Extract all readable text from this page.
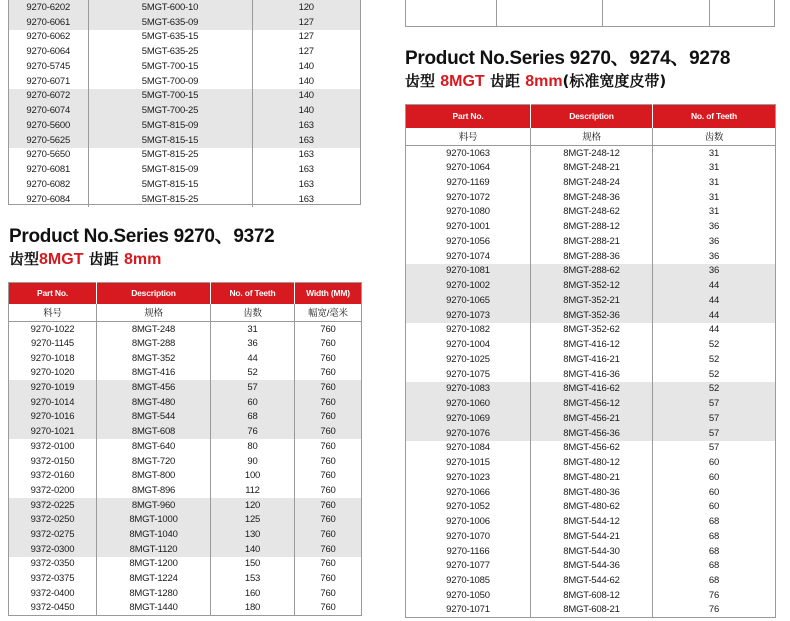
9270-6202	5MGT-600-10	120
9270-6061	5MGT-635-09	127
9270-6062	5MGT-635-15	127
9270-6064	5MGT-635-25	127
9270-5745	5MGT-700-15	140
9270-6071	5MGT-700-09	140
9270-6072	5MGT-700-15	140
9270-6074	5MGT-700-25	140
9270-5600	5MGT-815-09	163
9270-5625	5MGT-815-15	163
9270-5650	5MGT-815-25	163
9270-6081	5MGT-815-09	163
9270-6082	5MGT-815-15	163
9270-6084	5MGT-815-25	163
Product No.Series 9270、9274、9278
齿型 8MGT 齿距 8mm(标准宽度皮带)
Part No.	Description	No. of Teeth
料号	规格	齿数
9270-1063	8MGT-248-12	31
9270-1064	8MGT-248-21	31
9270-1169	8MGT-248-24	31
9270-1072	8MGT-248-36	31
9270-1080	8MGT-248-62	31
9270-1001	8MGT-288-12	36
9270-1056	8MGT-288-21	36
9270-1074	8MGT-288-36	36
9270-1081	8MGT-288-62	36
9270-1002	8MGT-352-12	44
9270-1065	8MGT-352-21	44
9270-1073	8MGT-352-36	44
9270-1082	8MGT-352-62	44
9270-1004	8MGT-416-12	52
9270-1025	8MGT-416-21	52
9270-1075	8MGT-416-36	52
9270-1083	8MGT-416-62	52
9270-1060	8MGT-456-12	57
9270-1069	8MGT-456-21	57
9270-1076	8MGT-456-36	57
9270-1084	8MGT-456-62	57
9270-1015	8MGT-480-12	60
9270-1023	8MGT-480-21	60
9270-1066	8MGT-480-36	60
9270-1052	8MGT-480-62	60
9270-1006	8MGT-544-12	68
9270-1070	8MGT-544-21	68
9270-1166	8MGT-544-30	68
9270-1077	8MGT-544-36	68
9270-1085	8MGT-544-62	68
9270-1050	8MGT-608-12	76
9270-1071	8MGT-608-21	76
Product No.Series 9270、9372
齿型8MGT 齿距 8mm
Part No.	Description	No. of Teeth	Width (MM)
料号	规格	齿数	幅宽/毫米
9270-1022	8MGT-248	31	760
9270-1145	8MGT-288	36	760
9270-1018	8MGT-352	44	760
9270-1020	8MGT-416	52	760
9270-1019	8MGT-456	57	760
9270-1014	8MGT-480	60	760
9270-1016	8MGT-544	68	760
9270-1021	8MGT-608	76	760
9372-0100	8MGT-640	80	760
9372-0150	8MGT-720	90	760
9372-0160	8MGT-800	100	760
9372-0200	8MGT-896	112	760
9372-0225	8MGT-960	120	760
9372-0250	8MGT-1000	125	760
9372-0275	8MGT-1040	130	760
9372-0300	8MGT-1120	140	760
9372-0350	8MGT-1200	150	760
9372-0375	8MGT-1224	153	760
9372-0400	8MGT-1280	160	760
9372-0450	8MGT-1440	180	760
